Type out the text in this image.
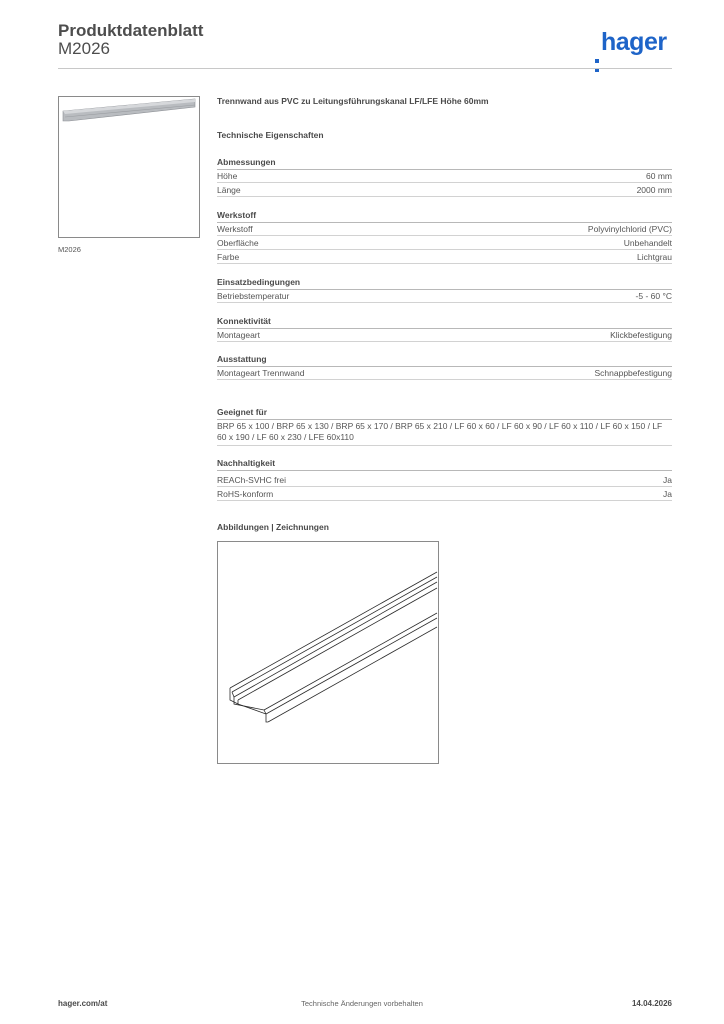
Produktdatenblatt
M2026	hager
M2026
Trennwand aus PVC zu Leitungsführungskanal LF/LFE Höhe 60mm
Technische Eigenschaften
Abmessungen
Höhe	60 mm
Länge	2000 mm
Werkstoff
Werkstoff	Polyvinylchlorid (PVC)
Oberfläche	Unbehandelt
Farbe	Lichtgrau
Einsatzbedingungen
Betriebstemperatur	-5 - 60 °C
Konnektivität
Montageart	Klickbefestigung
Ausstattung
Montageart Trennwand	Schnappbefestigung
Geeignet für
BRP 65 x 100 / BRP 65 x 130 / BRP 65 x 170 / BRP 65 x 210 / LF 60 x 60 / LF 60 x 90 / LF 60 x 110 / LF 60 x 150 / LF 60 x 190 / LF 60 x 230 / LFE 60x110
Nachhaltigkeit
REACh-SVHC frei	Ja
RoHS-konform	Ja
Abbildungen | Zeichnungen
hager.com/at	Technische Änderungen vorbehalten	14.04.2026
